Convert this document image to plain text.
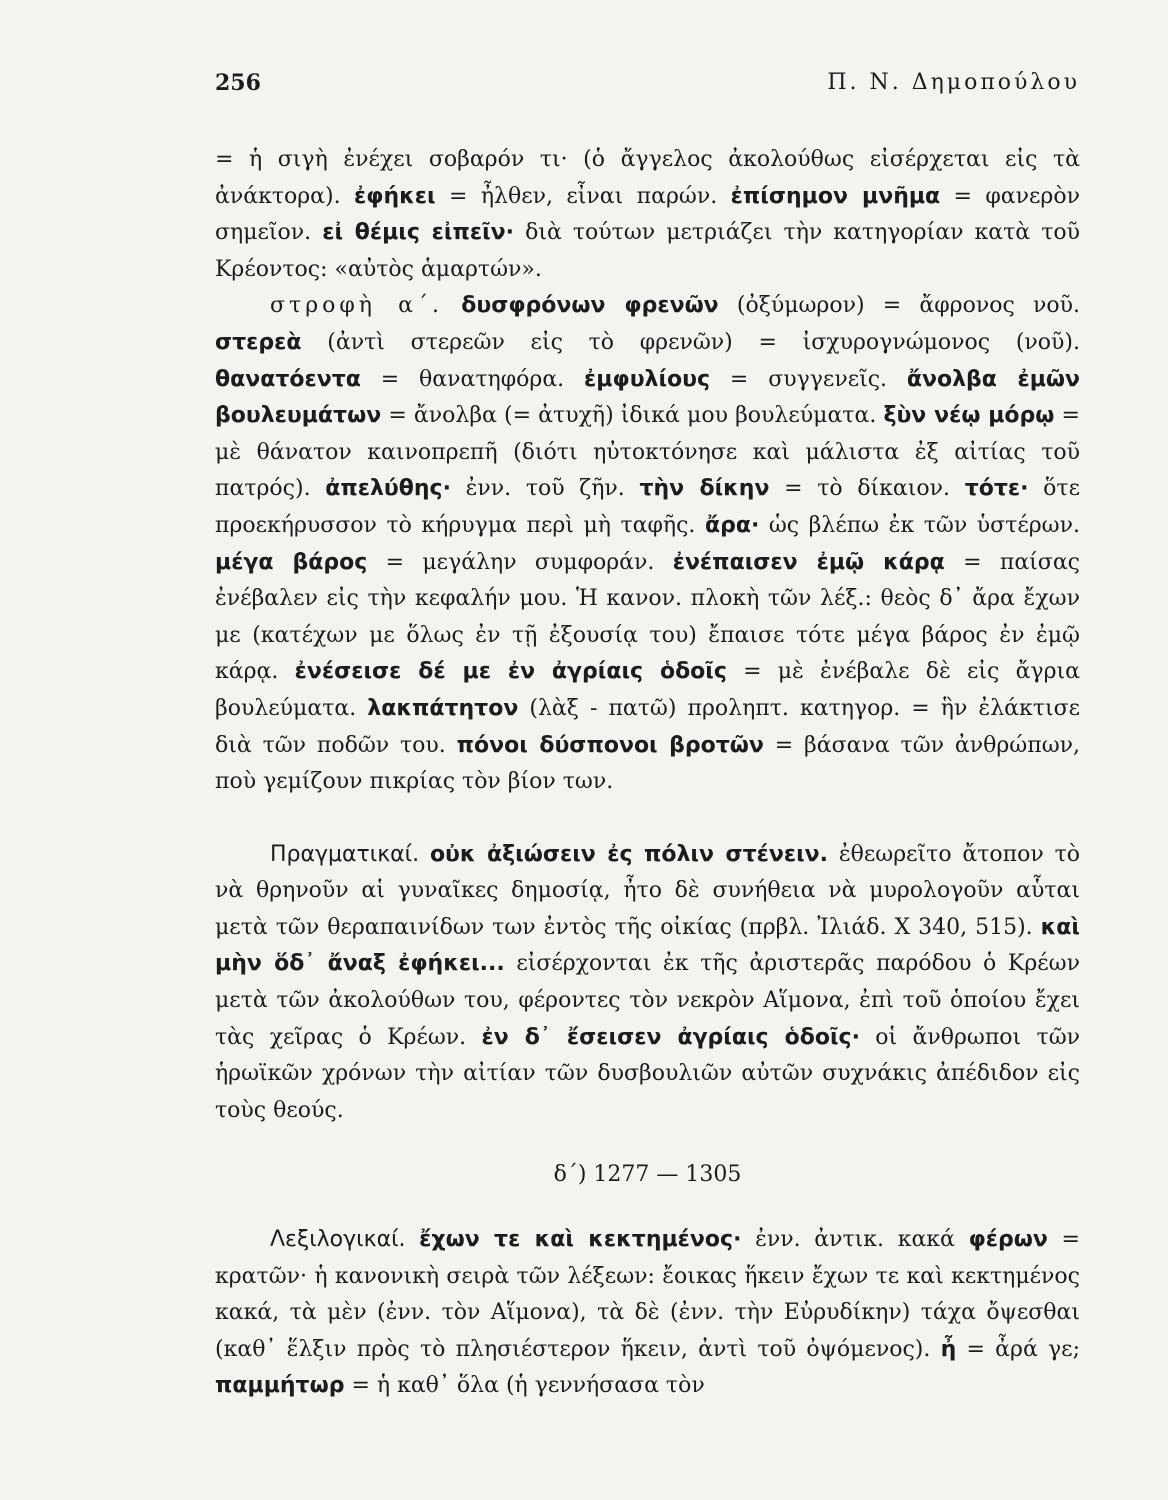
256	Π. Ν. Δημοπούλου

= ἡ σιγὴ ἐνέχει σοβαρόν τι· (ὁ ἄγγελος ἀκολούθως εἰσέρχεται εἰς τὰ ἀνάκτορα). ἐφήκει = ἦλθεν, εἶναι παρών. ἐπίσημον μνῆμα = φανερὸν σημεῖον. εἰ θέμις εἰπεῖν· διὰ τούτων μετριάζει τὴν κατηγορίαν κατὰ τοῦ Κρέοντος: «αὐτὸς ἁμαρτών».

στροφὴ α΄. δυσφρόνων φρενῶν (ὀξύμωρον) = ἄφρονος νοῦ. στερεὰ (ἀντὶ στερεῶν εἰς τὸ φρενῶν) = ἰσχυρογνώμονος (νοῦ). θανατόεντα = θανατηφόρα. ἐμφυλίους = συγγενεῖς. ἄνολβα ἐμῶν βουλευμάτων = ἄνολβα (= ἀτυχῆ) ἰδικά μου βουλεύματα. ξὺν νέῳ μόρῳ = μὲ θάνατον καινοπρεπῆ (διότι ηὐτοκτόνησε καὶ μάλιστα ἐξ αἰτίας τοῦ πατρός). ἀπελύθης· ἐνν. τοῦ ζῆν. τὴν δίκην = τὸ δίκαιον. τότε· ὅτε προεκήρυσσον τὸ κήρυγμα περὶ μὴ ταφῆς. ἄρα· ὡς βλέπω ἐκ τῶν ὑστέρων. μέγα βάρος = μεγάλην συμφοράν. ἐνέπαισεν ἐμῷ κάρᾳ = παίσας ἐνέβαλεν εἰς τὴν κεφαλήν μου. Ἡ κανον. πλοκὴ τῶν λέξ.: θεὸς δ᾽ ἄρα ἔχων με (κατέχων με ὅλως ἐν τῇ ἐξουσίᾳ του) ἔπαισε τότε μέγα βάρος ἐν ἐμῷ κάρᾳ. ἐνέσεισε δέ με ἐν ἀγρίαις ὁδοῖς = μὲ ἐνέβαλε δὲ εἰς ἄγρια βουλεύματα. λακπάτητον (λὰξ - πατῶ) προληπτ. κατηγορ. = ἣν ἐλάκτισε διὰ τῶν ποδῶν του. πόνοι δύσπονοι βροτῶν = βάσανα τῶν ἀνθρώπων, ποὺ γεμίζουν πικρίας τὸν βίον των.

Πραγματικαί. οὐκ ἀξιώσειν ἐς πόλιν στένειν. ἐθεωρεῖτο ἄτοπον τὸ νὰ θρηνοῦν αἱ γυναῖκες δημοσίᾳ, ἦτο δὲ συνήθεια νὰ μυρολογοῦν αὗται μετὰ τῶν θεραπαινίδων των ἐντὸς τῆς οἰκίας (πρβλ. Ἰλιάδ. Χ 340, 515). καὶ μὴν ὅδ᾽ ἄναξ ἐφήκει... εἰσέρχονται ἐκ τῆς ἀριστερᾶς παρόδου ὁ Κρέων μετὰ τῶν ἀκολούθων του, φέροντες τὸν νεκρὸν Αἵμονα, ἐπὶ τοῦ ὁποίου ἔχει τὰς χεῖρας ὁ Κρέων. ἐν δ᾽ ἔσεισεν ἀγρίαις ὁδοῖς· οἱ ἄνθρωποι τῶν ἡρωϊκῶν χρόνων τὴν αἰτίαν τῶν δυσβουλιῶν αὐτῶν συχνάκις ἀπέδιδον εἰς τοὺς θεούς.

δ΄) 1277 — 1305

Λεξιλογικαί. ἔχων τε καὶ κεκτημένος· ἐνν. ἀντικ. κακά φέρων = κρατῶν· ἡ κανονικὴ σειρὰ τῶν λέξεων: ἔοικας ἥκειν ἔχων τε καὶ κεκτημένος κακά, τὰ μὲν (ἐνν. τὸν Αἵμονα), τὰ δὲ (ἐνν. τὴν Εὐρυδίκην) τάχα ὄψεσθαι (καθ᾽ ἕλξιν πρὸς τὸ πλησιέστερον ἥκειν, ἀντὶ τοῦ ὀψόμενος). ἦ = ἆρά γε; παμμήτωρ = ἡ καθ᾽ ὅλα (ἡ γεννήσασα τὸν
